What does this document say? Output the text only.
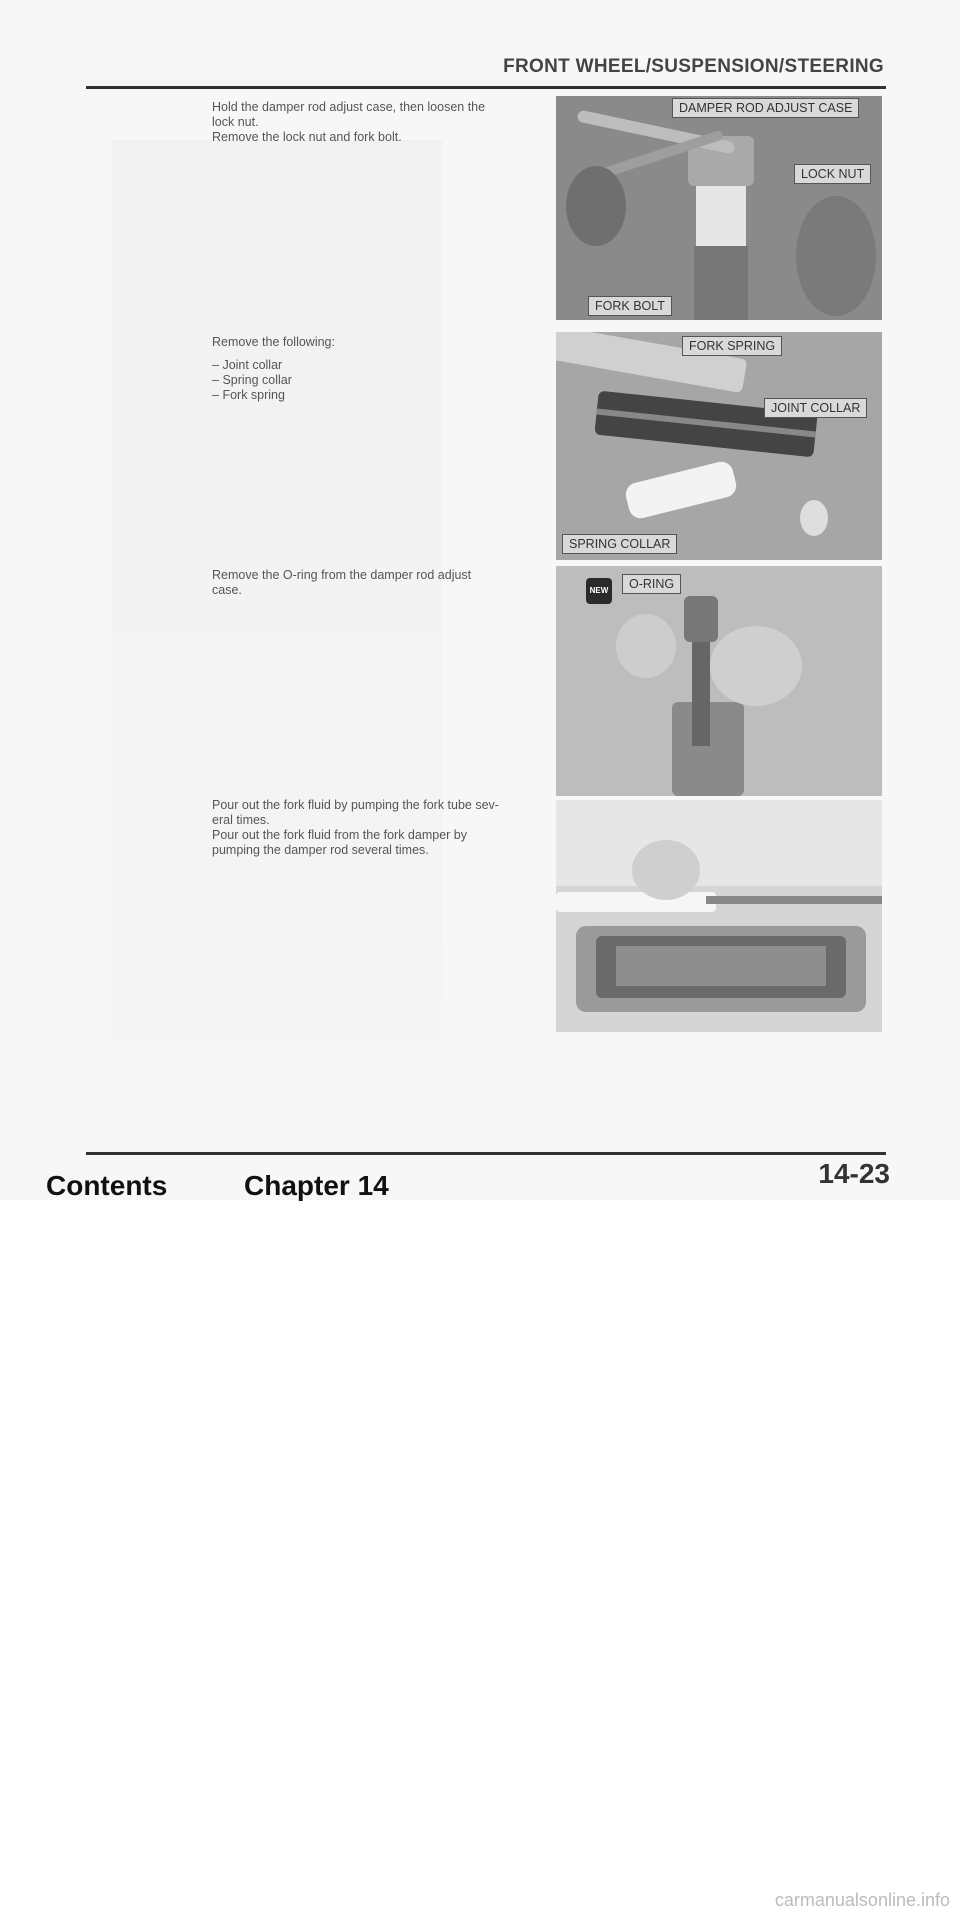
FRONT WHEEL/SUSPENSION/STEERING

Hold the damper rod adjust case, then loosen the

lock nut.

Remove the lock nut and fork bolt.

Remove the following:

– Joint collar
– Spring collar
– Fork spring

Remove the O-ring from the damper rod adjust

case.

Pour out the fork fluid by pumping the fork tube sev-

eral times.

Pour out the fork fluid from the fork damper by

pumping the damper rod several times.

DAMPER ROD ADJUST CASE
LOCK NUT
FORK BOLT
FORK SPRING
JOINT COLLAR
SPRING COLLAR
NEW	O-RING
14-23
Contents	Chapter 14
carmanualsonline.info
